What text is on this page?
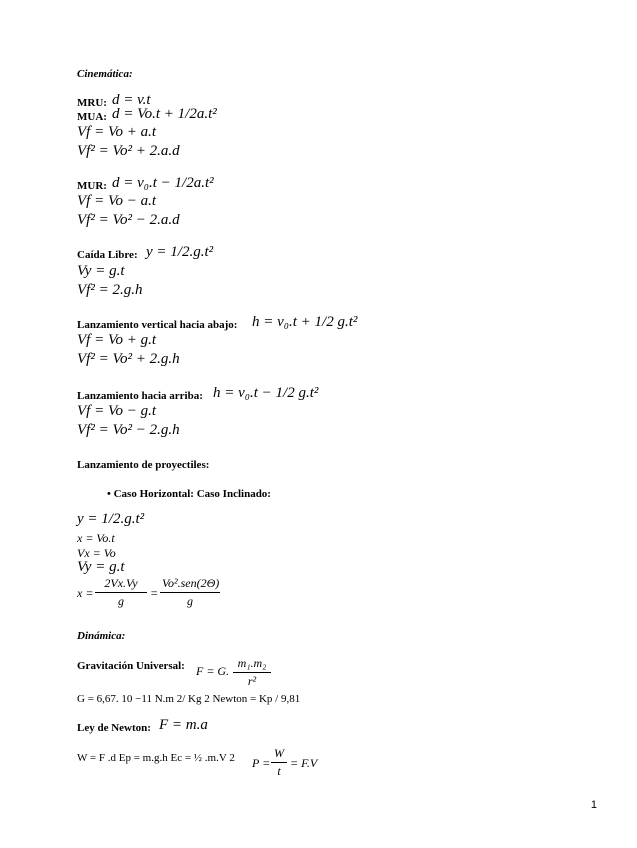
Cinemática:
MRU: d = v.t
MUA: d = Vo.t + 1/2a.t²
Vf = Vo + a.t
Vf² = Vo² + 2.a.d
MUR: d = v₀.t − 1/2a.t²
Vf = Vo − a.t
Vf² = Vo² − 2.a.d
Caída Libre: y = 1/2.g.t²
Vy = g.t
Vf² = 2.g.h
Lanzamiento vertical hacia abajo: h = v₀.t + 1/2 g.t²
Vf = Vo + g.t
Vf² = Vo² + 2.g.h
Lanzamiento hacia arriba: h = v₀.t − 1/2 g.t²
Vf = Vo − g.t
Vf² = Vo² − 2.g.h
Lanzamiento de proyectiles:
• Caso Horizontal: Caso Inclinado:
y = 1/2.g.t²
x = Vo.t
Vx = Vo
Vy = g.t
x =
2Vx.Vy
g
=
Vo².sen(2Θ)
g
Dinámica:
Gravitación Universal: F = G.
m₁.m₂
r²
G = 6,67. 10 −11 N.m 2/ Kg 2 Newton = Kp / 9,81
Ley de Newton: F = m.a
W = F .d Ep = m.g.h Ec = ½ .m.V 2 P =
W
t
= F.V
1
